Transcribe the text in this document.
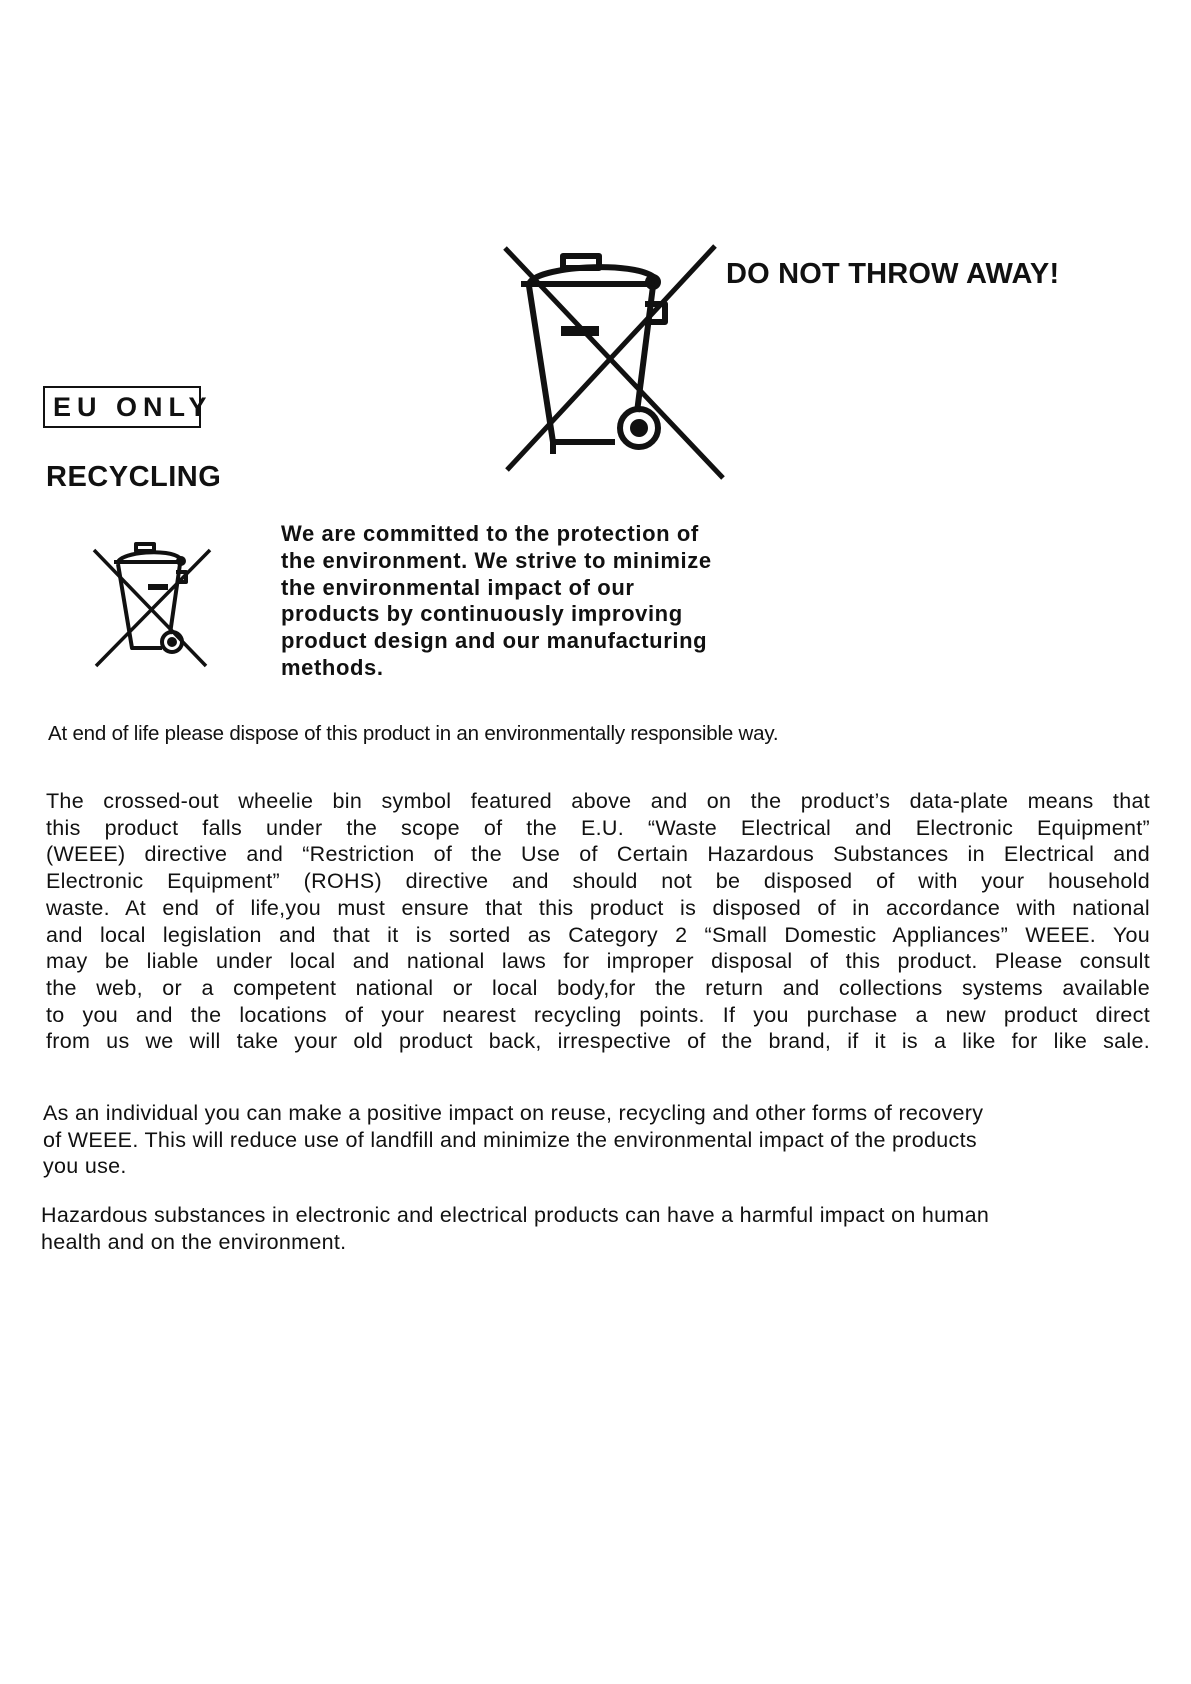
DO NOT THROW AWAY!
EU ONLY
RECYCLING
We are committed to the protection of
the environment. We strive to minimize
the environmental impact of our
products by continuously improving
product design and our manufacturing
methods.
At end of life please dispose of this product in an environmentally responsible way.
The crossed-out wheelie bin symbol featured above and on the product’s data-plate means that
this product falls under the scope of the E.U. “Waste Electrical and Electronic Equipment”
(WEEE) directive and “Restriction of the Use of Certain Hazardous Substances in Electrical and
Electronic Equipment” (ROHS) directive and should not be disposed of with your household
waste. At end of life,you must ensure that this product is disposed of in accordance with national
and local legislation and that it is sorted as Category 2 “Small Domestic Appliances” WEEE. You
may be liable under local and national laws for improper disposal of this product. Please consult
the web, or a competent national or local body,for the return and collections systems available
to you and the locations of your nearest recycling points. If you purchase a new product direct
from us we will take your old product back, irrespective of the brand, if it is a like for like sale.
As an individual you can make a positive impact on reuse, recycling and other forms of recovery
of WEEE. This will reduce use of landfill and minimize the environmental impact of the products
you use.
Hazardous substances in electronic and electrical products can have a harmful impact on human
health and on the environment.
